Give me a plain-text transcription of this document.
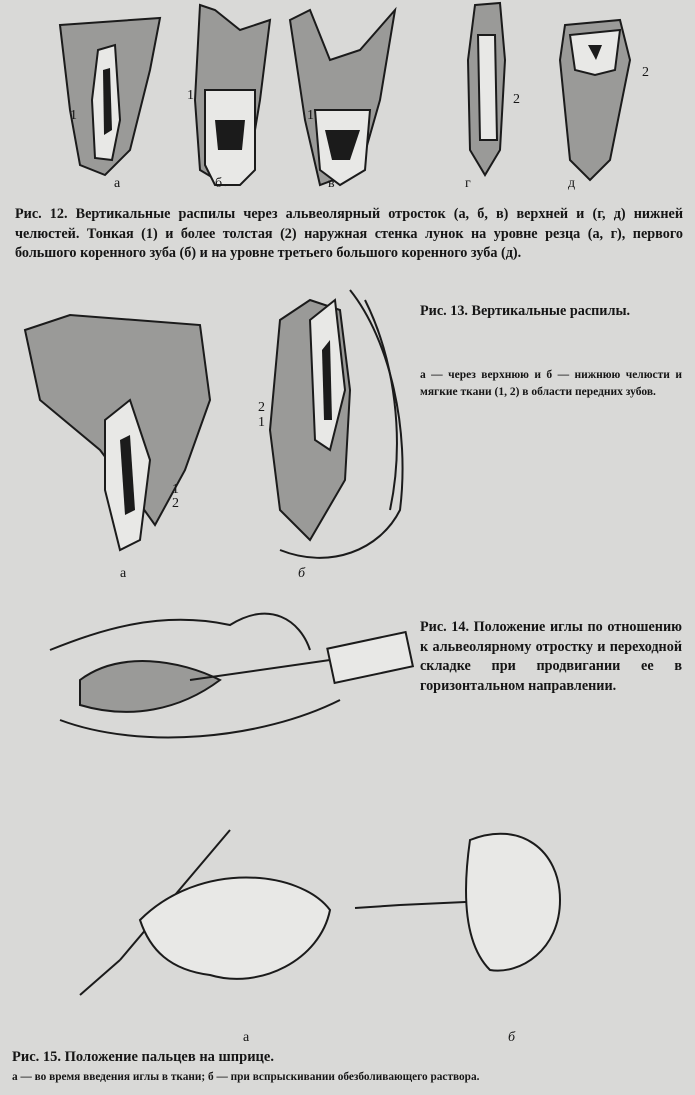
1
1
1
2
2
а	б	в	г	д
Рис. 12. Вертикальные распилы через альвеолярный отросток (а, б, в) верхней и (г, д) нижней челюстей. Тонкая (1) и более толстая (2) наружная стенка лунок на уровне резца (а, г), первого большого коренного зуба (б) и на уровне третьего большого коренного зуба (д).
1
2
2
1
а	б
Рис. 13. Вертикальные распилы.
а — через верхнюю и б — нижнюю челюсти и мягкие ткани (1, 2) в области передних зубов.
Рис. 14. Положение иглы по отношению к альвеолярному отростку и переходной складке при продвигании ее в горизонтальном направлении.
а	б
Рис. 15. Положение пальцев на шприце.
а — во время введения иглы в ткани; б — при вспрыскивании обезболивающего раствора.
